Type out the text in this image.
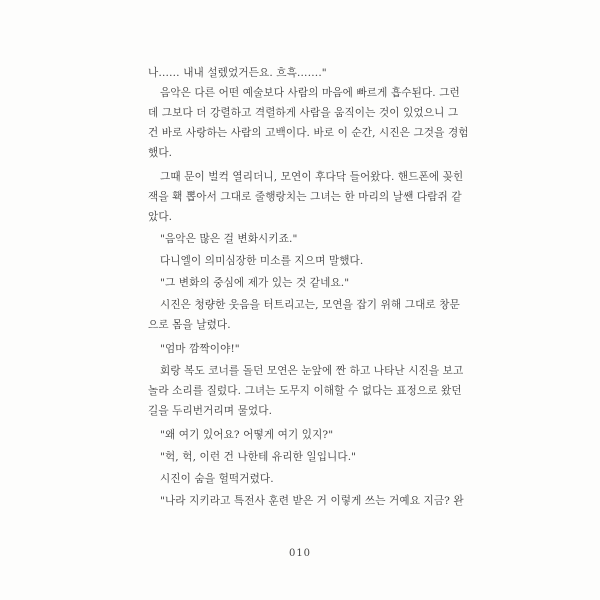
나…… 내내 설렜었거든요. 흐흑……."
음악은 다른 어떤 예술보다 사람의 마음에 빠르게 흡수된다. 그런
데 그보다 더 강렬하고 격렬하게 사람을 움직이는 것이 있었으니 그
건 바로 사랑하는 사람의 고백이다. 바로 이 순간, 시진은 그것을 경험
했다.
그때 문이 벌컥 열리더니, 모연이 후다닥 들어왔다. 핸드폰에 꽂힌
잭을 홱 뽑아서 그대로 줄행랑치는 그녀는 한 마리의 날쌘 다람쥐 같
았다.
"음악은 많은 걸 변화시키죠."
다니엘이 의미심장한 미소를 지으며 말했다.
"그 변화의 중심에 제가 있는 것 같네요."
시진은 청량한 웃음을 터트리고는, 모연을 잡기 위해 그대로 창문
으로 몸을 날렸다.
"엄마 깜짝이야!"
회랑 복도 코너를 돌던 모연은 눈앞에 짠 하고 나타난 시진을 보고
놀라 소리를 질렀다. 그녀는 도무지 이해할 수 없다는 표정으로 왔던
길을 두리번거리며 물었다.
"왜 여기 있어요? 어떻게 여기 있지?"
"헉, 헉, 이런 건 나한테 유리한 일입니다."
시진이 숨을 헐떡거렸다.
"나라 지키라고 특전사 훈련 받은 거 이렇게 쓰는 거예요 지금? 완
010
